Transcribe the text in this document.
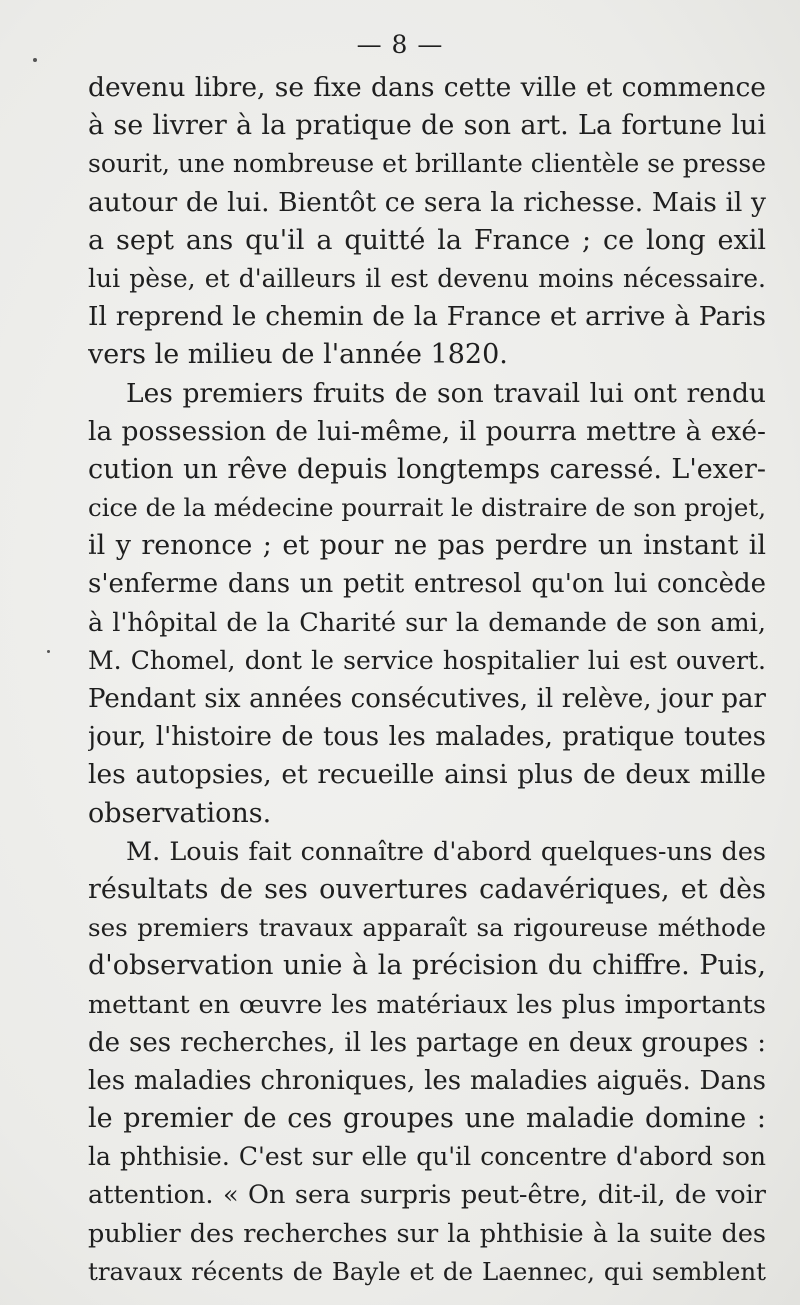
— 8 —
devenu libre, se fixe dans cette ville et commence
à se livrer à la pratique de son art. La fortune lui
sourit, une nombreuse et brillante clientèle se presse
autour de lui. Bientôt ce sera la richesse. Mais il y
a sept ans qu'il a quitté la France ; ce long exil
lui pèse, et d'ailleurs il est devenu moins nécessaire.
Il reprend le chemin de la France et arrive à Paris
vers le milieu de l'année 1820.
Les premiers fruits de son travail lui ont rendu
la possession de lui-même, il pourra mettre à exé-
cution un rêve depuis longtemps caressé. L'exer-
cice de la médecine pourrait le distraire de son projet,
il y renonce ; et pour ne pas perdre un instant il
s'enferme dans un petit entresol qu'on lui concède
à l'hôpital de la Charité sur la demande de son ami,
M. Chomel, dont le service hospitalier lui est ouvert.
Pendant six années consécutives, il relève, jour par
jour, l'histoire de tous les malades, pratique toutes
les autopsies, et recueille ainsi plus de deux mille
observations.
M. Louis fait connaître d'abord quelques-uns des
résultats de ses ouvertures cadavériques, et dès
ses premiers travaux apparaît sa rigoureuse méthode
d'observation unie à la précision du chiffre. Puis,
mettant en œuvre les matériaux les plus importants
de ses recherches, il les partage en deux groupes :
les maladies chroniques, les maladies aiguës. Dans
le premier de ces groupes une maladie domine :
la phthisie. C'est sur elle qu'il concentre d'abord son
attention. « On sera surpris peut-être, dit-il, de voir
publier des recherches sur la phthisie à la suite des
travaux récents de Bayle et de Laennec, qui semblent
